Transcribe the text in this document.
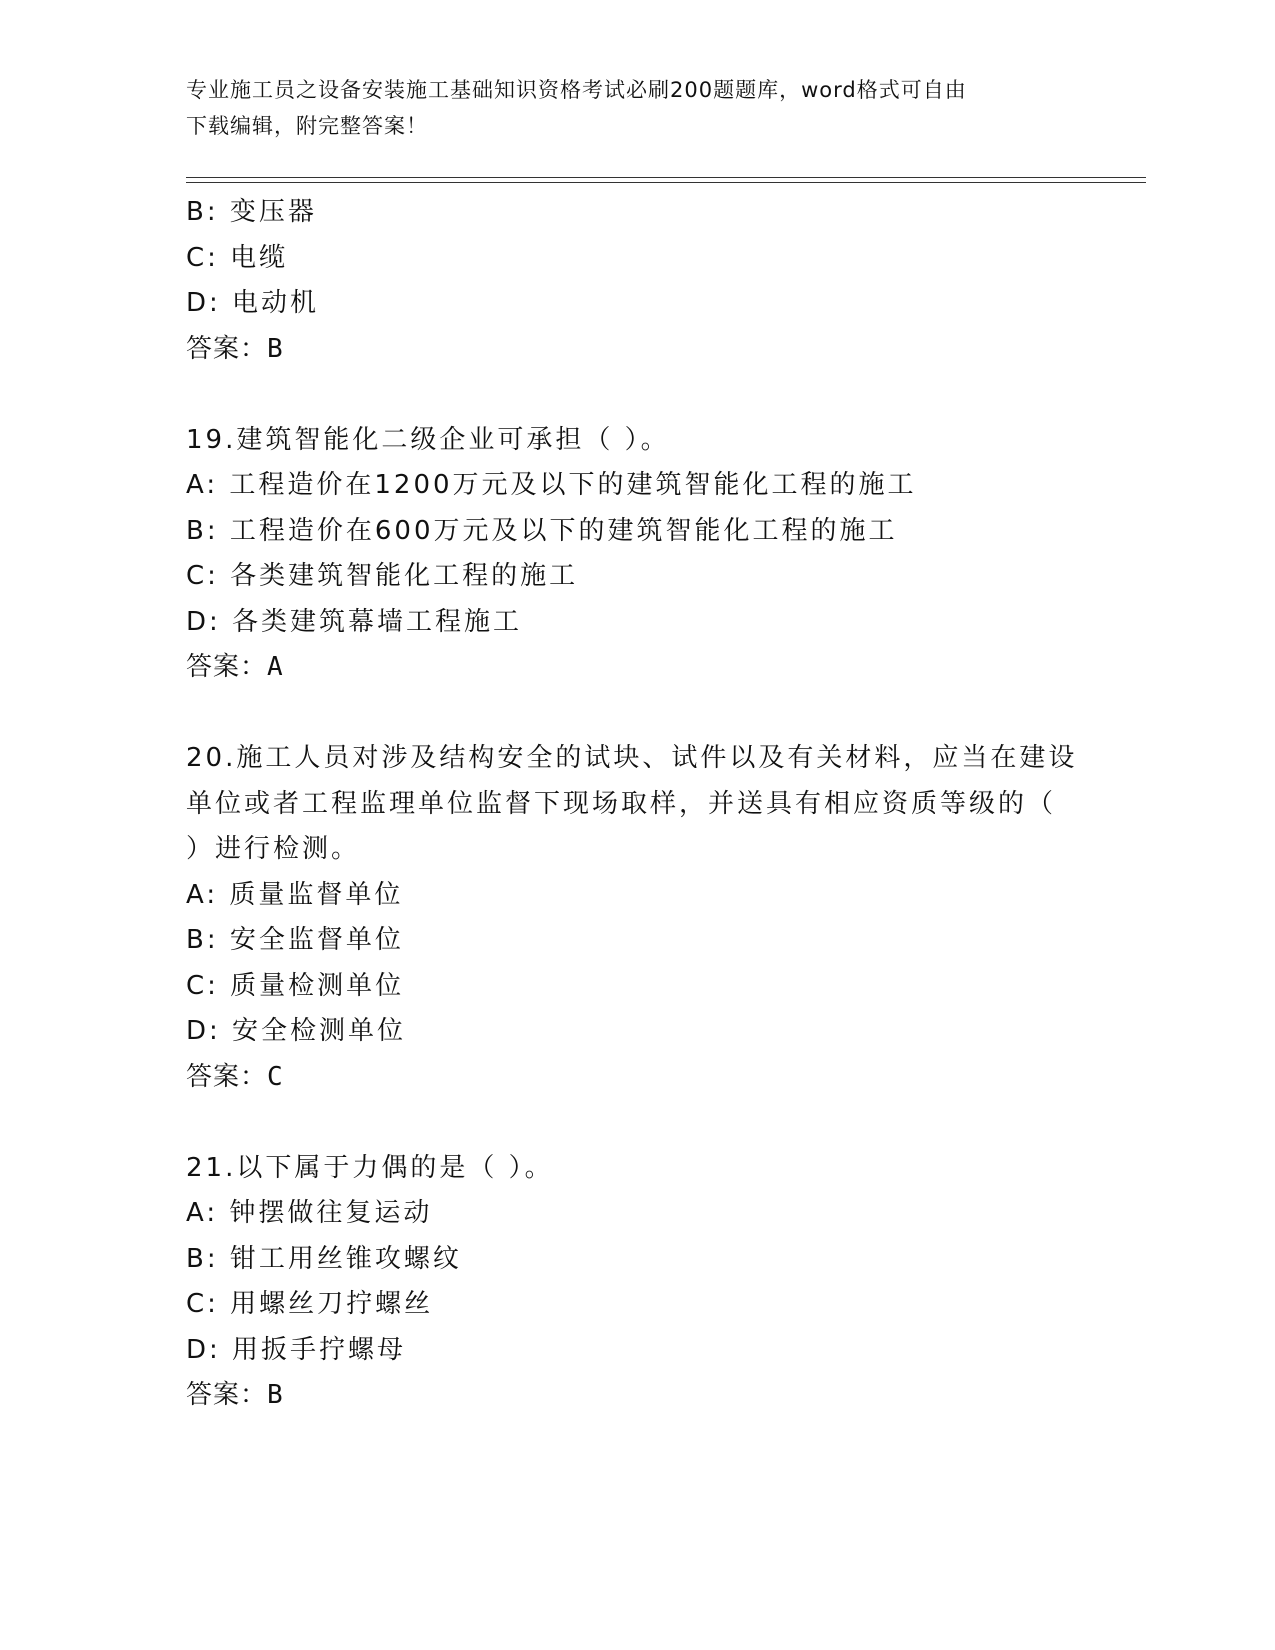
专业施工员之设备安装施工基础知识资格考试必刷200题题库，word格式可自由
下载编辑，附完整答案！
B: 变压器
C: 电缆
D: 电动机
答案：B
19.建筑智能化二级企业可承担（ ）。
A: 工程造价在1200万元及以下的建筑智能化工程的施工
B: 工程造价在600万元及以下的建筑智能化工程的施工
C: 各类建筑智能化工程的施工
D: 各类建筑幕墙工程施工
答案：A
20.施工人员对涉及结构安全的试块、试件以及有关材料，应当在建设
单位或者工程监理单位监督下现场取样，并送具有相应资质等级的（
）进行检测。
A: 质量监督单位
B: 安全监督单位
C: 质量检测单位
D: 安全检测单位
答案：C
21.以下属于力偶的是（ ）。
A: 钟摆做往复运动
B: 钳工用丝锥攻螺纹
C: 用螺丝刀拧螺丝
D: 用扳手拧螺母
答案：B
